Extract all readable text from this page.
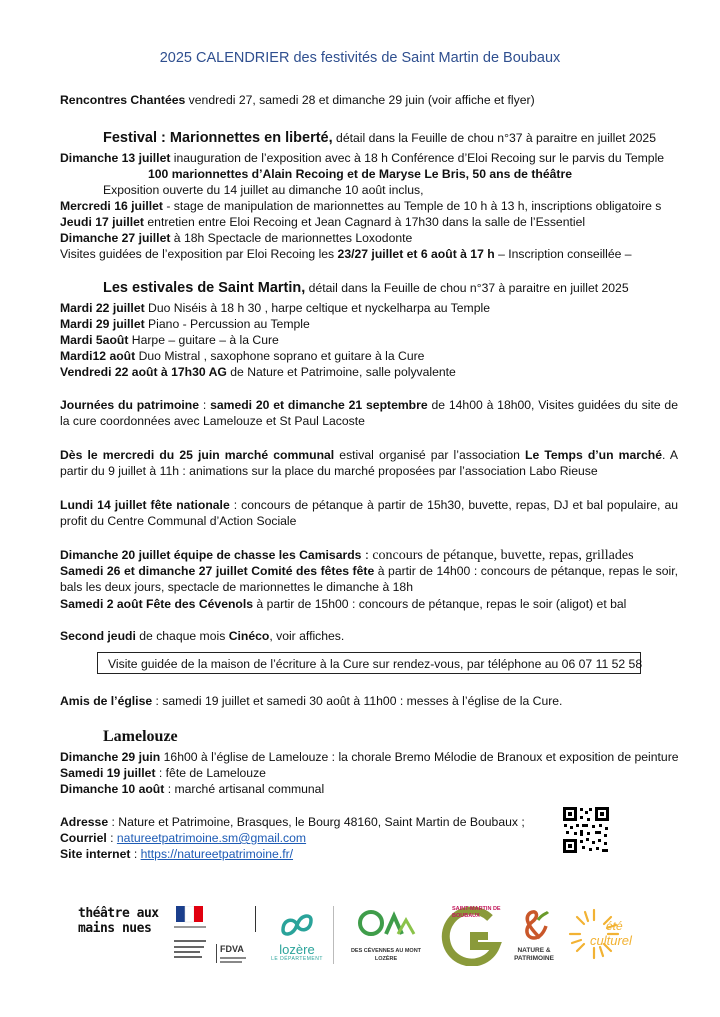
2025 CALENDRIER des festivités de Saint Martin de Boubaux
Rencontres Chantées vendredi 27, samedi 28 et dimanche 29 juin (voir affiche et flyer)
Festival : Marionnettes en liberté, détail dans la Feuille de chou n°37 à paraitre en juillet 2025
Dimanche 13 juillet inauguration de l’exposition avec à 18 h Conférence d’Eloi Recoing sur le parvis du Temple
100 marionnettes d’Alain Recoing et de Maryse Le Bris, 50 ans de théâtre
Exposition ouverte du 14 juillet au dimanche 10 août inclus,
Mercredi 16 juillet - stage de manipulation de marionnettes au Temple de 10 h à 13 h, inscriptions obligatoire s
Jeudi 17 juillet entretien entre Eloi Recoing et Jean Cagnard à 17h30 dans la salle de l’Essentiel
Dimanche 27 juillet à 18h Spectacle de marionnettes Loxodonte
Visites guidées de l’exposition par Eloi Recoing les 23/27 juillet et 6 août à 17 h – Inscription conseillée –
Les estivales de Saint Martin, détail dans la Feuille de chou n°37 à paraitre en juillet 2025
Mardi 22 juillet Duo Niséis à 18 h 30 , harpe celtique et nyckelharpa au Temple
Mardi 29 juillet Piano - Percussion au Temple
Mardi 5août Harpe – guitare – à la Cure
Mardi12 août Duo Mistral , saxophone soprano et guitare à la Cure
Vendredi 22 août à 17h30 AG de Nature et Patrimoine, salle polyvalente
Journées du patrimoine : samedi 20 et dimanche 21 septembre de 14h00 à 18h00, Visites guidées du site de la cure coordonnées avec Lamelouze et St Paul Lacoste
Dès le mercredi du 25 juin marché communal estival organisé par l’association Le Temps d’un marché. A partir du 9 juillet à 11h : animations sur la place du marché proposées par l’association Labo Rieuse
Lundi 14 juillet fête nationale : concours de pétanque à partir de 15h30, buvette, repas, DJ et bal populaire, au profit du Centre Communal d’Action Sociale
Dimanche 20 juillet équipe de chasse les Camisards : concours de pétanque, buvette, repas, grillades
Samedi 26 et dimanche 27 juillet Comité des fêtes fête à partir de 14h00 : concours de pétanque, repas le soir, bals les deux jours, spectacle de marionnettes le dimanche à 18h
Samedi 2 août Fête des Cévenols à partir de 15h00 : concours de pétanque, repas le soir (aligot) et bal
Second jeudi de chaque mois Cinéco, voir affiches.
Visite guidée de la maison de l’écriture à la Cure sur rendez-vous, par téléphone au 06 07 11 52 58
Amis de l’église : samedi 19 juillet et samedi 30 août à 11h00 : messes à l’église de la Cure.
Lamelouze
Dimanche 29 juin 16h00 à l’église de Lamelouze : la chorale Bremo Mélodie de Branoux et exposition de peinture
Samedi 19 juillet : fête de Lamelouze
Dimanche 10 août : marché artisanal communal
Adresse : Nature et Patrimoine, Brasques, le Bourg 48160, Saint Martin de Boubaux ;
Courriel : natureetpatrimoine.sm@gmail.com
Site internet : https://natureetpatrimoine.fr/
théâtre aux mains nues
FDVA	lozère
LE DÉPARTEMENT
DES CÉVENNES AU MONT LOZÈRE
SAINT-MARTIN DE BOUBAUX
NATURE &
PATRIMOINE
été
culturel
